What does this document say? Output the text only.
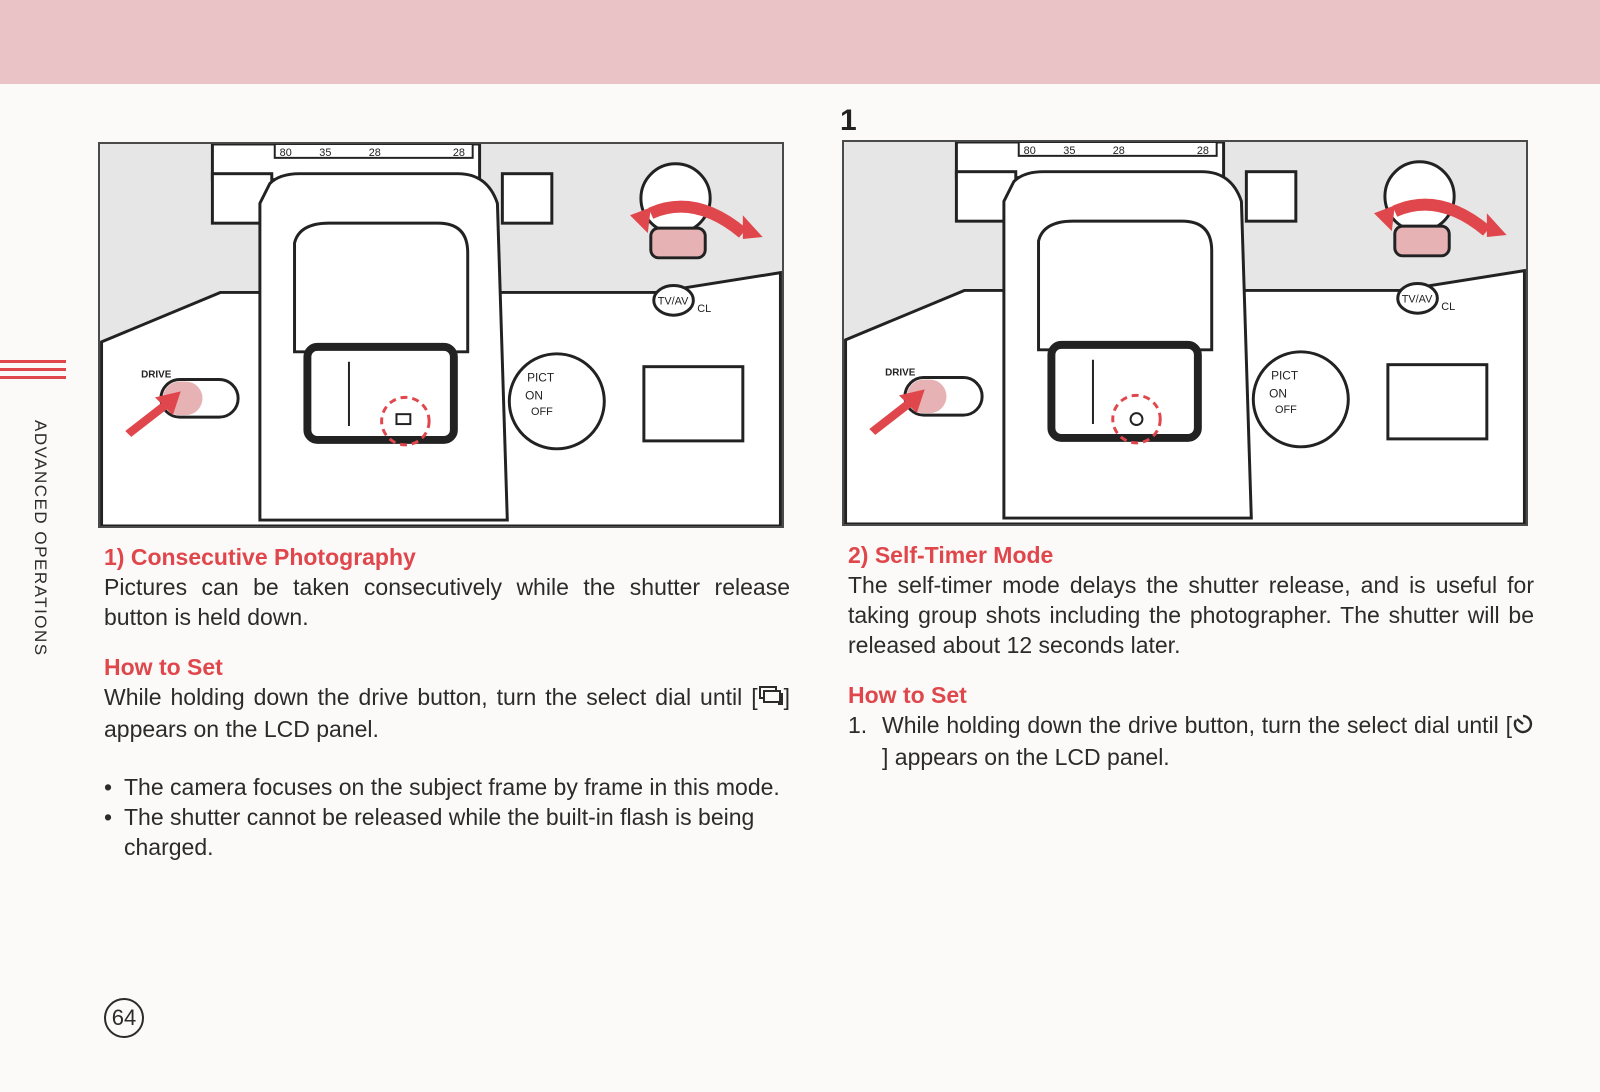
ADVANCED OPERATIONS
1
80 35	28	28
TV/AV
CL
PICT
ON
OFF
DRIVE
80 35	28	28
TV/AV
CL
PICT
ON
OFF
DRIVE
1) Consecutive Photography
Pictures can be taken consecutively while the shutter release button is held down.
How to Set
While holding down the drive button, turn the select dial until [ ] appears on the LCD panel.
• The camera focuses on the subject frame by frame in this mode.
• The shutter cannot be released while the built-in flash is being charged.
2) Self-Timer Mode
The self-timer mode delays the shutter release, and is useful for taking group shots including the photographer. The shutter will be released about 12 seconds later.
How to Set
1. While holding down the drive button, turn the select dial until [] appears on the LCD panel.
64
